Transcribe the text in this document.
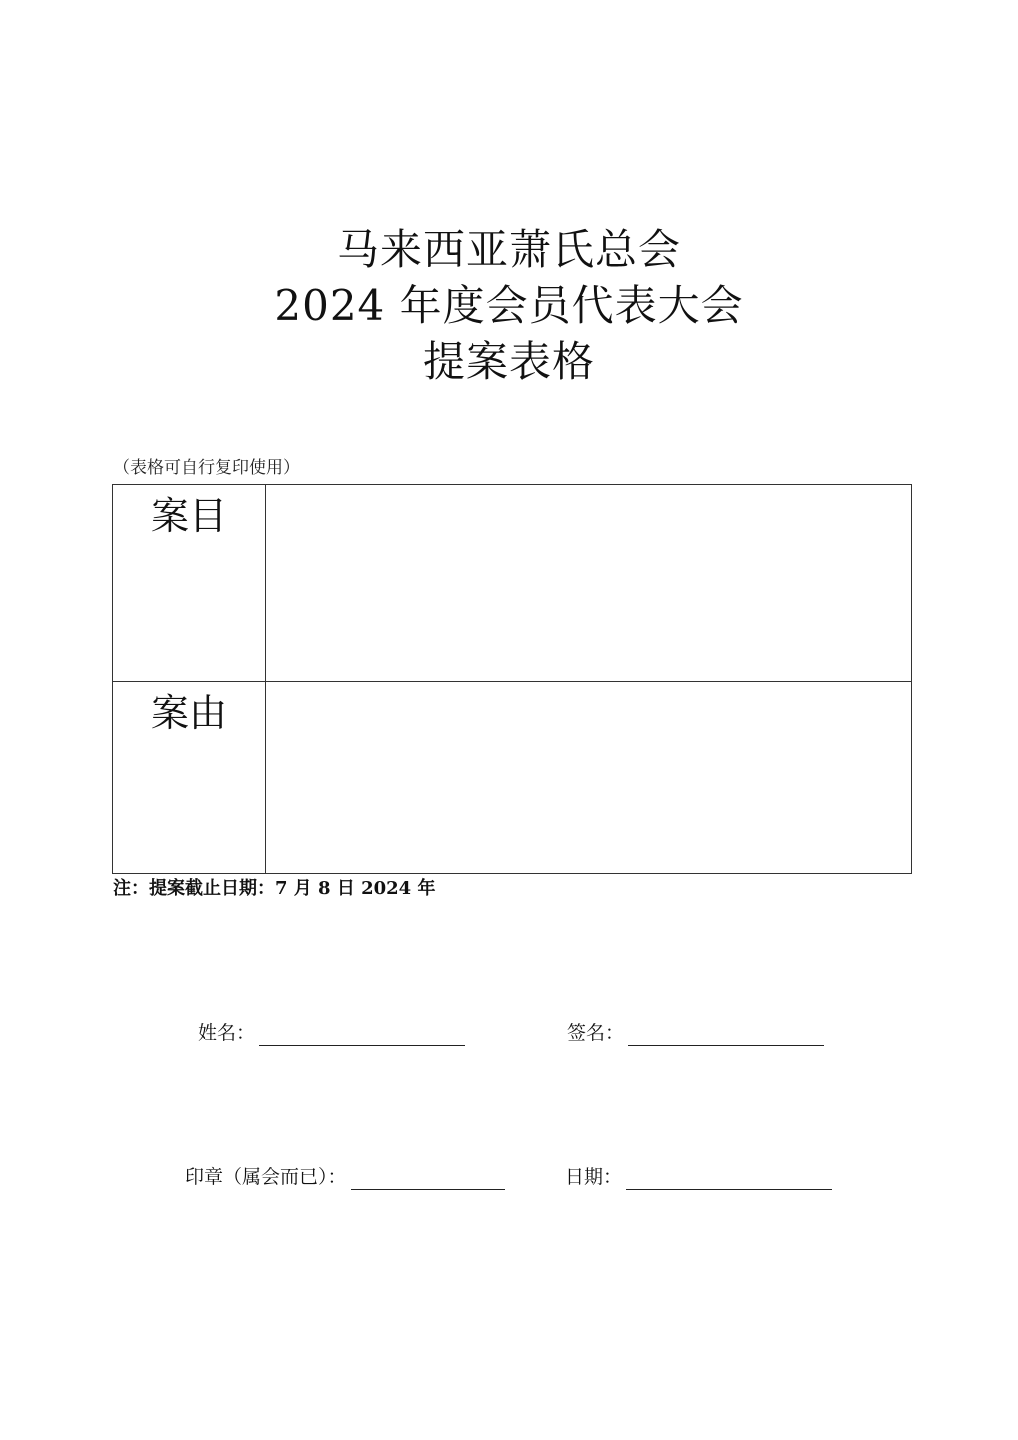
马来西亚萧氏总会
2024 年度会员代表大会
提案表格
（表格可自行复印使用）
案目
案由
注：提案截止日期：7 月 8 日 2024 年
姓名：	签名：
印章（属会而已）：	日期：
